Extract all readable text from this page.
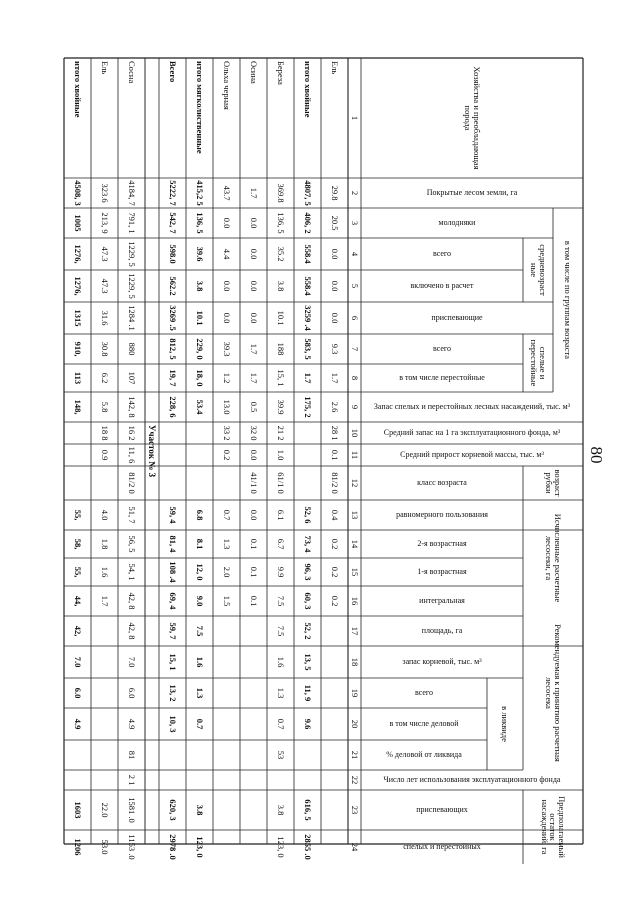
80
Хозяйства и преобладающая порода
Покрытые лесом земли, га
в том числе по группам возраста
молодняки
средневозраст ные
всего
включено в расчет
приспевающие
спелые и перестойные
всего
в том числе перестойные
Запас спелых и перестойных лесных насаждений, тыс. м³
Средний запас на 1 га эксплуатационного фонда, м³
Средний прирост корневой массы, тыс. м³
возраст рубки
класс возраста
Исчисленные расчетные лесосеки, га
равномерного пользования
2-я возрастная
1-я возрастная
интегральная
Рекомендуемая к принятию расчетная лесосека
площадь, га
запас корневой, тыс. м³
в ликвиде
всего
в том числе деловой
% деловой от ликвида
Число лет использования эксплуатационного фонда
Предполагаемый остаток насаждений, га
приспевающих
спелых и перестойных
1
2
3
4
5
6
7
8
9
10
11
12
13
14
15
16
17
18
19
20
21
22
23
24
Ель
29.8
20.5
0.0
0.0
0.0
9.3
1.7
2.6
28 1
0.1
81/2 0
0.4
0.2
0.2
0.2
итого хвойные
4807, 5
406, 2
558.4
558.4
3259 .4
583, 5
1.7
175, 2
52, 6
73, 4
96, 3
60, 3
52, 2
13, 5
11, 9
9.6
616, 5
2855 .0
Береза
369.8
136, 5
35.2
3.8
10.1
188
15, 1
39.9
21 2
1.0
61/1 0
6.1
6.7
9.9
7.5
7.5
1.6
1.3
0.7
53
3.8
123, 0
Осина
1.7
0.0
0.0
0.0
0.0
1.7
1.7
0.5
32 0
0.0
41/1 0
0.0
0.1
0.1
0.1
Ольха черная
43.7
0.0
4.4
0.0
0.0
39.3
1.2
13.0
33 2
0.2
0.7
1.3
2.0
1.5
итого мягколиственные
415,2 5
136, 5
39.6
3.8
10.1
229, 0
18, 0
53.4
6.8
8.1
12, 0
9.0
7.5
1.6
1.3
0.7
3.8
123, 0
Всего
5222, 7
542, 7
598.0
562.2
3269 .5
812, 5
19, 7
228, 6
59, 4
81, 4
108 .4
69, 4
59, 7
15, 1
13, 2
10, 3
620, 3
2978 .0
Сосна
4184, 7
791, 1
1229, 5
1229, 5
1284 .1
880
107
142, 8
16 2
11, 6
81/2 0
51, 7
56, 5
54, 1
42, 8
42, 8
7.0
6.0
4.9
81
2 1
1581 .0
1153 .0
Ель
323.6
213, 9
47.3
47.3
31.6
30.8
6.2
5.8
18 8
0.9
4.0
1.8
1.6
1.7
22.0
53.0
итого хвойные
4508, 3
1005
1276,
1276,
1315
910,
113
148,
55,
58,
55,
44,
42,
7.0
6.0
4.9
1603
1206
Участок № 3
